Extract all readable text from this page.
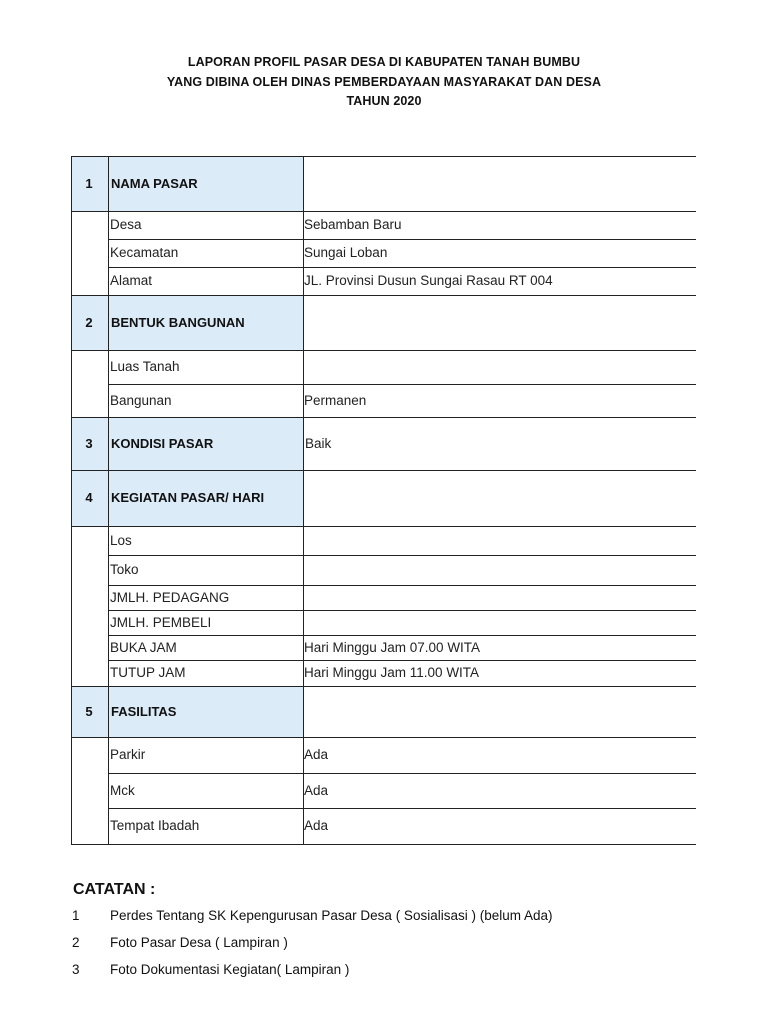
LAPORAN PROFIL PASAR DESA DI KABUPATEN TANAH BUMBU
YANG DIBINA OLEH DINAS PEMBERDAYAAN MASYARAKAT DAN DESA
TAHUN 2020
1	NAMA PASAR
Desa	Sebamban Baru
Kecamatan	Sungai Loban
Alamat	JL. Provinsi Dusun Sungai Rasau RT 004
2	BENTUK BANGUNAN
Luas Tanah
Bangunan	Permanen
3	KONDISI PASAR	Baik
4	KEGIATAN PASAR/ HARI
Los
Toko
JMLH. PEDAGANG
JMLH. PEMBELI
BUKA JAM	Hari Minggu Jam 07.00 WITA
TUTUP JAM	Hari Minggu Jam 11.00 WITA
5	FASILITAS
Parkir	Ada
Mck	Ada
Tempat Ibadah	Ada
CATATAN :
1 Perdes Tentang SK Kepengurusan Pasar Desa ( Sosialisasi ) (belum Ada)
2 Foto Pasar Desa ( Lampiran )
3 Foto Dokumentasi Kegiatan( Lampiran )
